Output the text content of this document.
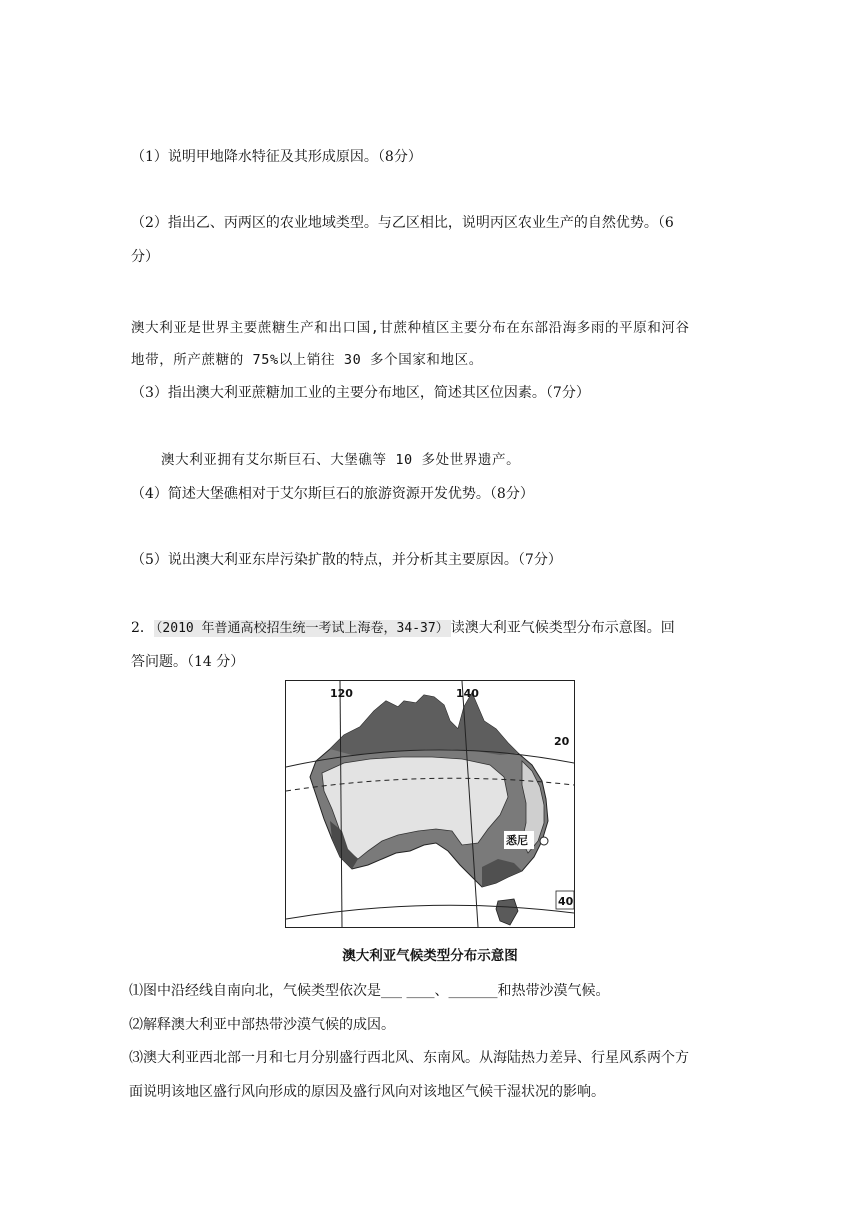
（1）说明甲地降水特征及其形成原因。（8分）
（2）指出乙、丙两区的农业地域类型。与乙区相比，说明丙区农业生产的自然优势。（6
分）
澳大利亚是世界主要蔗糖生产和出口国,甘蔗种植区主要分布在东部沿海多雨的平原和河谷
地带，所产蔗糖的 75%以上销往 30 多个国家和地区。
（3）指出澳大利亚蔗糖加工业的主要分布地区，简述其区位因素。（7分）
澳大利亚拥有艾尔斯巨石、大堡礁等 10 多处世界遗产。
（4）简述大堡礁相对于艾尔斯巨石的旅游资源开发优势。（8分）
（5）说出澳大利亚东岸污染扩散的特点，并分析其主要原因。（7分）
2． （2010 年普通高校招生统一考试上海卷，34-37） 读澳大利亚气候类型分布示意图。回
答问题。（14 分）
悉尼
120	140
20
40
澳大利亚气候类型分布示意图
⑴图中沿经线自南向北，气候类型依次是___ ____、_______和热带沙漠气候。
⑵解释澳大利亚中部热带沙漠气候的成因。
⑶澳大利亚西北部一月和七月分别盛行西北风、东南风。从海陆热力差异、行星风系两个方
面说明该地区盛行风向形成的原因及盛行风向对该地区气候干湿状况的影响。
